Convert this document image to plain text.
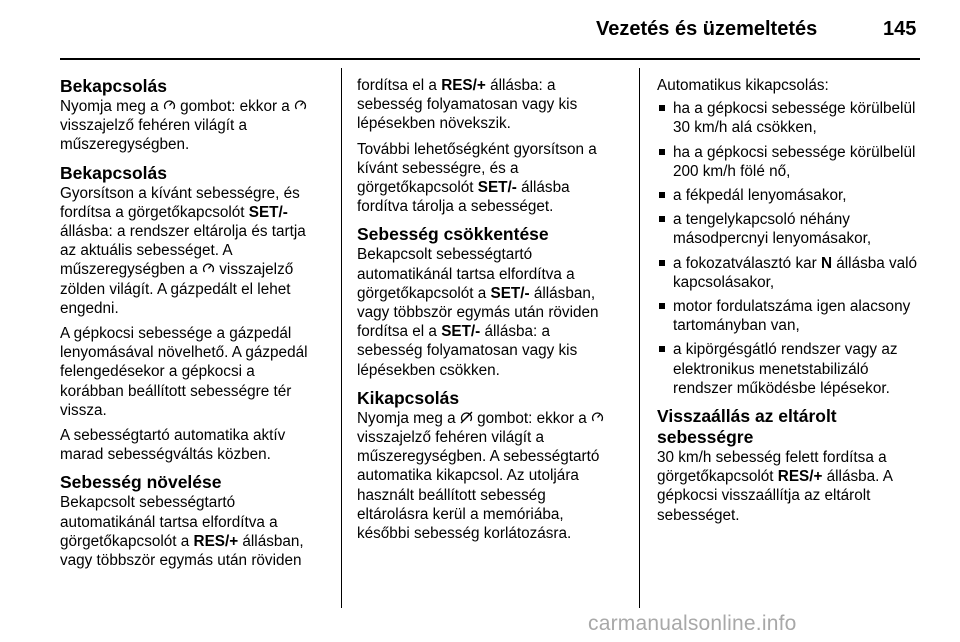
Vezetés és üzemeltetés	145
Bekapcsolás

Nyomja meg a
gombot: ekkor a
visszajelző fehéren világít a műszeregységben.

Bekapcsolás

Gyorsítson a kívánt sebességre, és fordítsa a görgetőkapcsolót SET/- állásba: a rendszer eltárolja és tartja az aktuális sebességet. A műszeregységben a
visszajelző zölden világít. A gázpedált el lehet engedni.

A gépkocsi sebessége a gázpedál lenyomásával növelhető. A gázpedál felengedésekor a gépkocsi a korábban beállított sebességre tér vissza.

A sebességtartó automatika aktív marad sebességváltás közben.

Sebesség növelése

Bekapcsolt sebességtartó automatikánál tartsa elfordítva a görgetőkapcsolót a RES/+ állásban, vagy többször egymás után röviden

fordítsa el a RES/+ állásba: a sebesség folyamatosan vagy kis lépésekben növekszik.

További lehetőségként gyorsítson a kívánt sebességre, és a görgetőkapcsolót SET/- állásba fordítva tárolja a sebességet.

Sebesség csökkentése

Bekapcsolt sebességtartó automatikánál tartsa elfordítva a görgetőkapcsolót a SET/- állásban, vagy többször egymás után röviden fordítsa el a SET/- állásba: a sebesség folyamatosan vagy kis lépésekben csökken.

Kikapcsolás

Nyomja meg a
gombot: ekkor a
visszajelző fehéren világít a műszeregységben. A sebességtartó automatika kikapcsol. Az utoljára használt beállított sebesség eltárolásra kerül a memóriába, későbbi sebesség korlátozásra.

Automatikus kikapcsolás:

ha a gépkocsi sebessége körülbelül 30 km/h alá csökken,
ha a gépkocsi sebessége körülbelül 200 km/h fölé nő,
a fékpedál lenyomásakor,
a tengelykapcsoló néhány másodpercnyi lenyomásakor,
a fokozatválasztó kar N állásba való kapcsolásakor,
motor fordulatszáma igen alacsony tartományban van,
a kipörgésgátló rendszer vagy az elektronikus menetstabilizáló rendszer működésbe lépésekor.
Visszaállás az eltárolt sebességre

30 km/h sebesség felett fordítsa a görgetőkapcsolót RES/+ állásba. A gépkocsi visszaállítja az eltárolt sebességet.

carmanualsonline.info
